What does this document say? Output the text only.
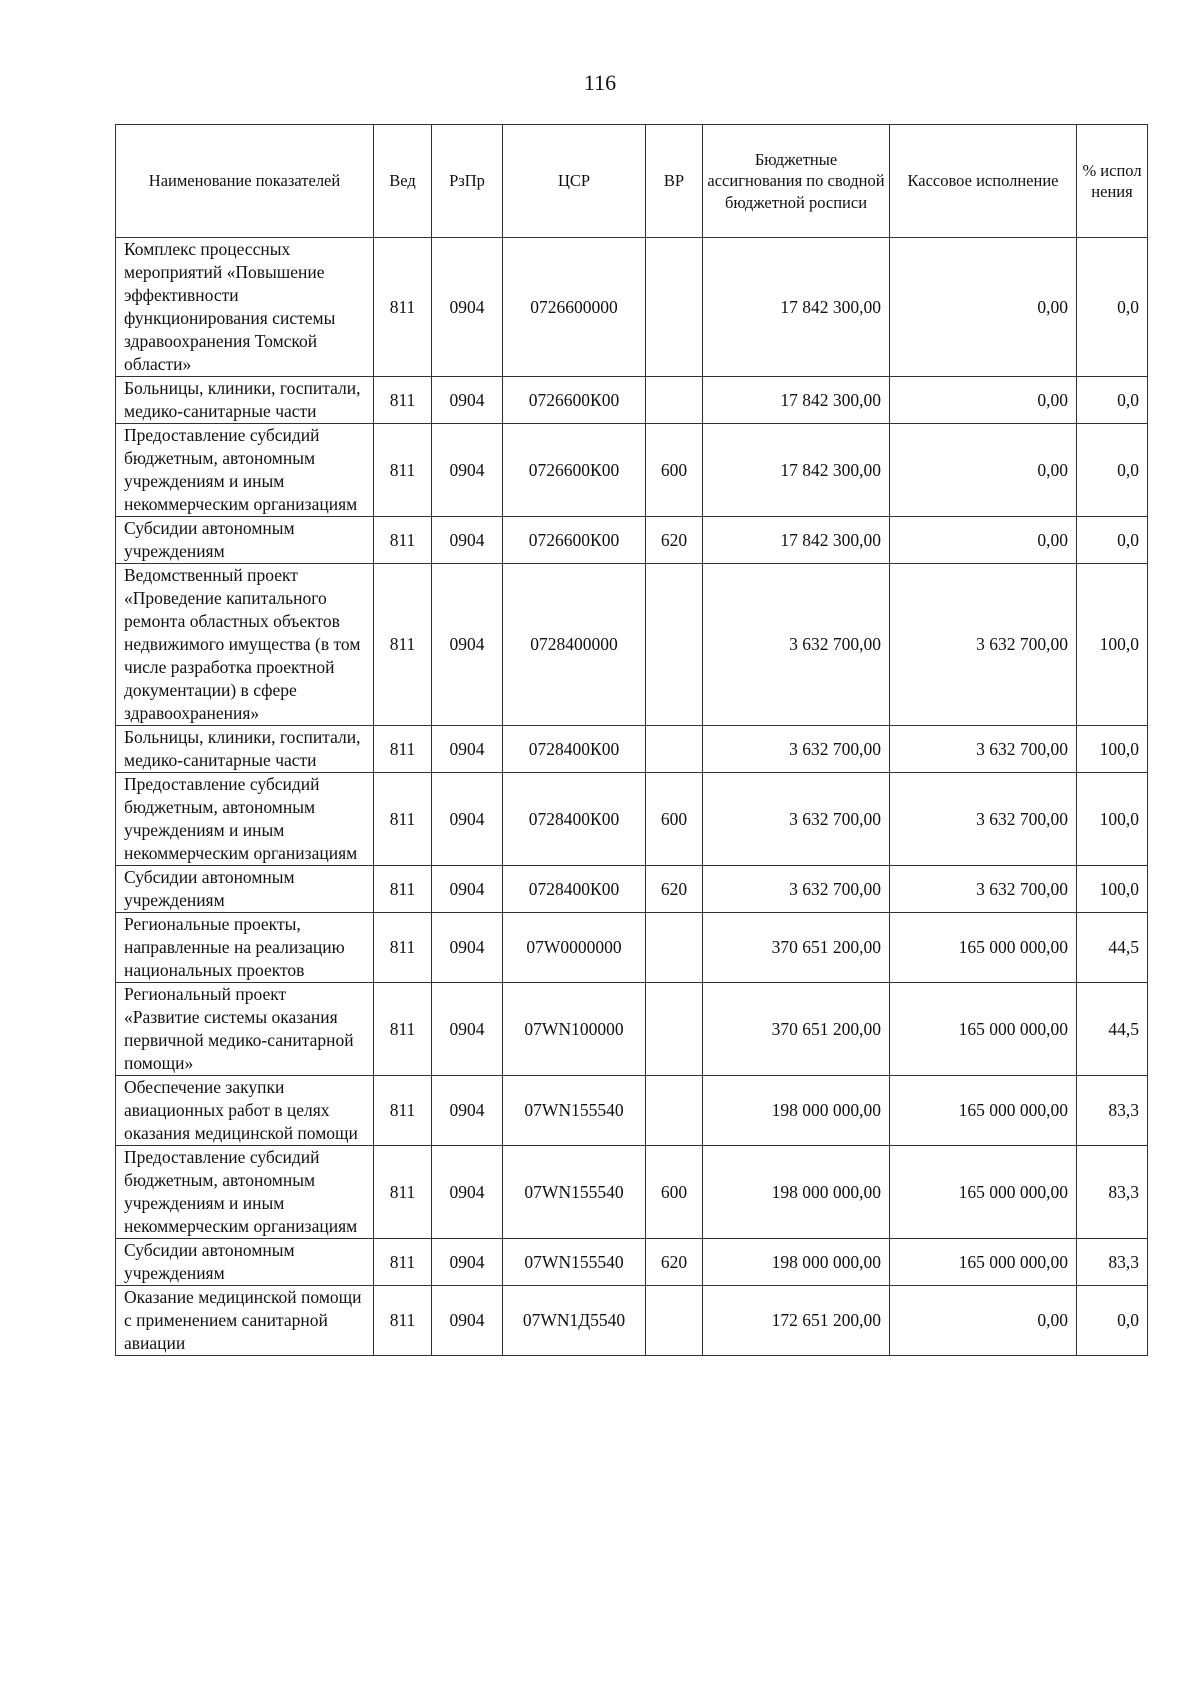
116
Наименование показателей	Вед	РзПр	ЦСР	ВР	Бюджетные ассигнования по сводной бюджетной росписи	Кассовое исполнение	% испол нения
Комплекс процессных мероприятий «Повышение эффективности функционирования системы здравоохранения Томской области»	811	0904	0726600000		17 842 300,00	0,00	0,0
Больницы, клиники, госпитали, медико-санитарные части	811	0904	0726600К00		17 842 300,00	0,00	0,0
Предоставление субсидий бюджетным, автономным учреждениям и иным некоммерческим организациям	811	0904	0726600К00	600	17 842 300,00	0,00	0,0
Субсидии автономным учреждениям	811	0904	0726600К00	620	17 842 300,00	0,00	0,0
Ведомственный проект «Проведение капитального ремонта областных объектов недвижимого имущества (в том числе разработка проектной документации) в сфере здравоохранения»	811	0904	0728400000		3 632 700,00	3 632 700,00	100,0
Больницы, клиники, госпитали, медико-санитарные части	811	0904	0728400К00		3 632 700,00	3 632 700,00	100,0
Предоставление субсидий бюджетным, автономным учреждениям и иным некоммерческим организациям	811	0904	0728400К00	600	3 632 700,00	3 632 700,00	100,0
Субсидии автономным учреждениям	811	0904	0728400К00	620	3 632 700,00	3 632 700,00	100,0
Региональные проекты, направленные на реализацию национальных проектов	811	0904	07W0000000		370 651 200,00	165 000 000,00	44,5
Региональный проект «Развитие системы оказания первичной медико-санитарной помощи»	811	0904	07WN100000		370 651 200,00	165 000 000,00	44,5
Обеспечение закупки авиационных работ в целях оказания медицинской помощи	811	0904	07WN155540		198 000 000,00	165 000 000,00	83,3
Предоставление субсидий бюджетным, автономным учреждениям и иным некоммерческим организациям	811	0904	07WN155540	600	198 000 000,00	165 000 000,00	83,3
Субсидии автономным учреждениям	811	0904	07WN155540	620	198 000 000,00	165 000 000,00	83,3
Оказание медицинской помощи с применением санитарной авиации	811	0904	07WN1Д5540		172 651 200,00	0,00	0,0
